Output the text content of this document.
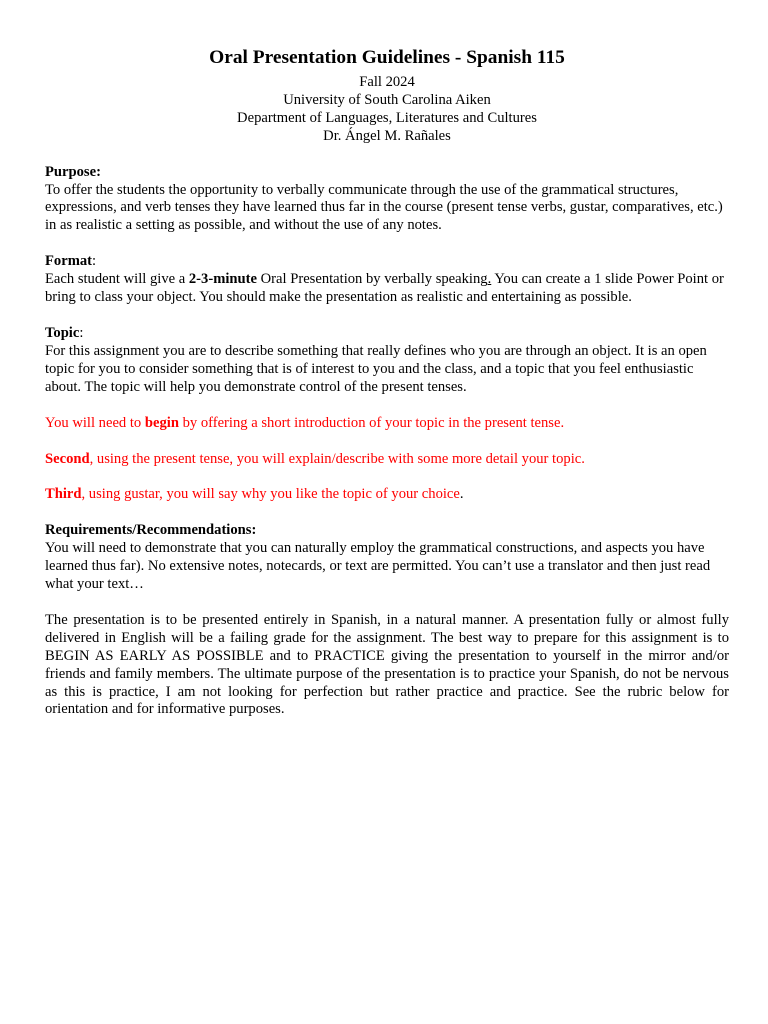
Oral Presentation Guidelines - Spanish 115

Fall 2024

University of South Carolina Aiken

Department of Languages, Literatures and Cultures

Dr. Ángel M. Rañales

Purpose:

To offer the students the opportunity to verbally communicate through the use of the grammatical structures, expressions, and verb tenses they have learned thus far in the course (present tense verbs, gustar, comparatives, etc.) in as realistic a setting as possible, and without the use of any notes.

Format:

Each student will give a 2-3-minute Oral Presentation by verbally speaking. You can create a 1 slide Power Point or bring to class your object. You should make the presentation as realistic and entertaining as possible.

Topic:

For this assignment you are to describe something that really defines who you are through an object. It is an open topic for you to consider something that is of interest to you and the class, and a topic that you feel enthusiastic about. The topic will help you demonstrate control of the present tenses.

You will need to begin by offering a short introduction of your topic in the present tense.

Second, using the present tense, you will explain/describe with some more detail your topic.

Third, using gustar, you will say why you like the topic of your choice.

Requirements/Recommendations:

You will need to demonstrate that you can naturally employ the grammatical constructions, and aspects you have learned thus far). No extensive notes, notecards, or text are permitted. You can’t use a translator and then just read what your text…

The presentation is to be presented entirely in Spanish, in a natural manner. A presentation fully or almost fully delivered in English will be a failing grade for the assignment. The best way to prepare for this assignment is to BEGIN AS EARLY AS POSSIBLE and to PRACTICE giving the presentation to yourself in the mirror and/or friends and family members. The ultimate purpose of the presentation is to practice your Spanish, do not be nervous as this is practice, I am not looking for perfection but rather practice and practice. See the rubric below for orientation and for informative purposes.
